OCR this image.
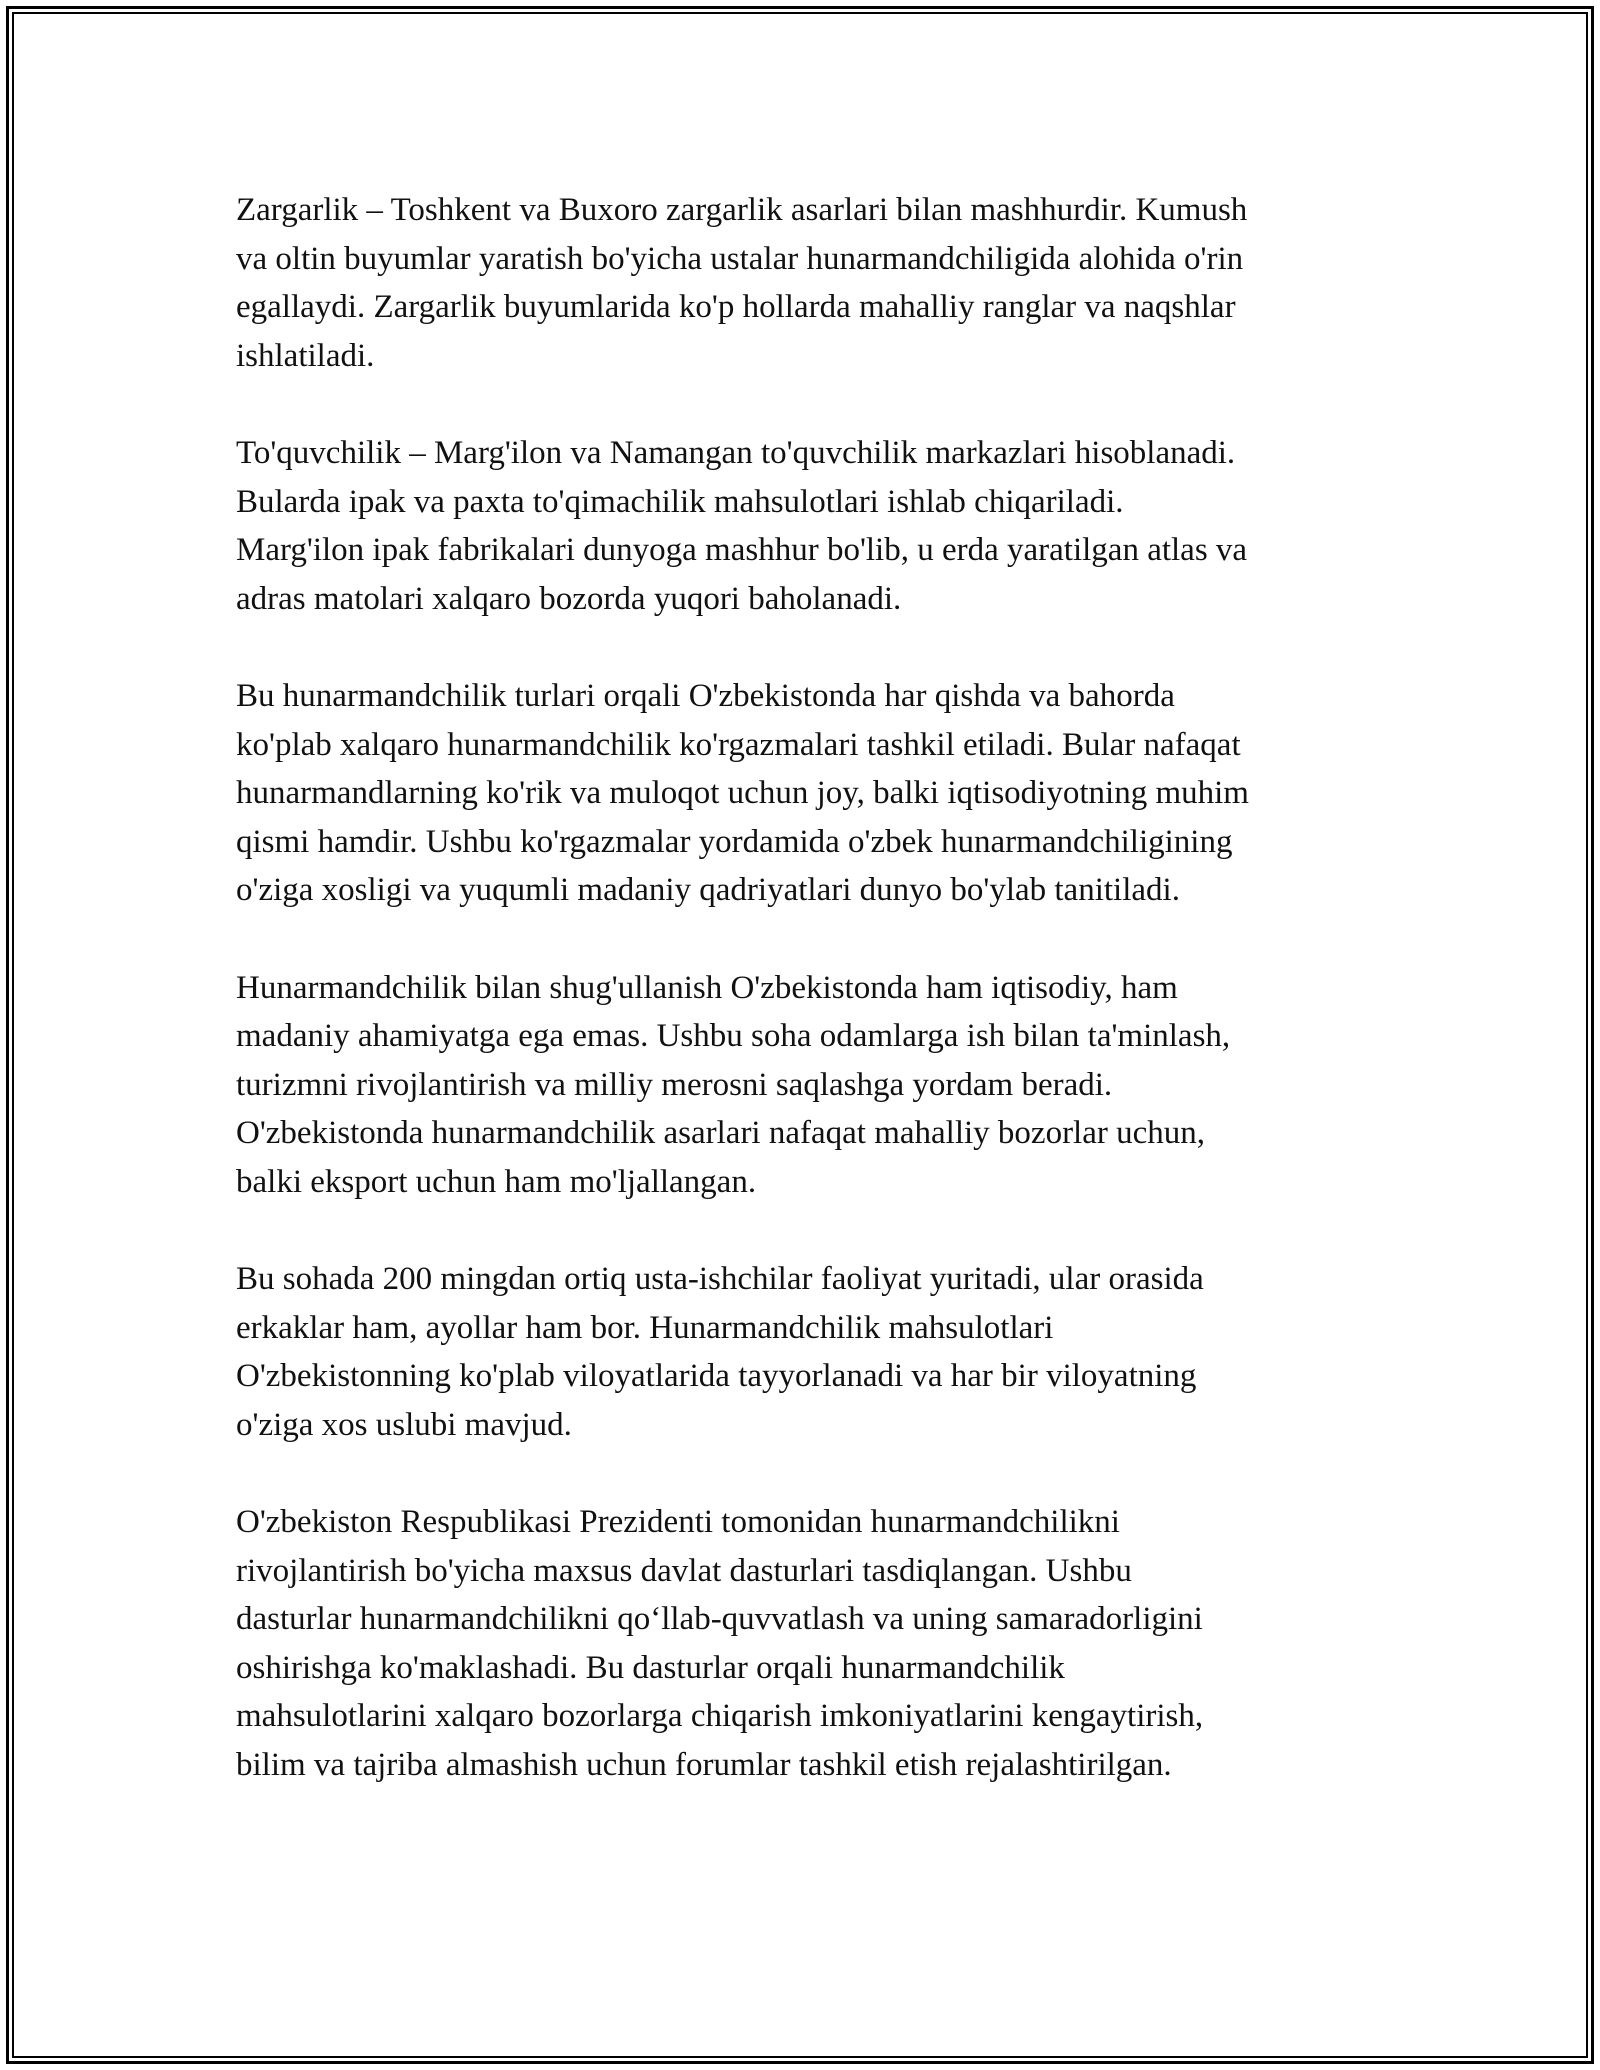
Zargarlik – Toshkent va Buxoro zargarlik asarlari bilan mashhurdir. Kumush
va oltin buyumlar yaratish bo'yicha ustalar hunarmandchiligida alohida o'rin
egallaydi. Zargarlik buyumlarida ko'p hollarda mahalliy ranglar va naqshlar
ishlatiladi.
To'quvchilik – Marg'ilon va Namangan to'quvchilik markazlari hisoblanadi.
Bularda ipak va paxta to'qimachilik mahsulotlari ishlab chiqariladi.
Marg'ilon ipak fabrikalari dunyoga mashhur bo'lib, u erda yaratilgan atlas va
adras matolari xalqaro bozorda yuqori baholanadi.
Bu hunarmandchilik turlari orqali O'zbekistonda har qishda va bahorda
ko'plab xalqaro hunarmandchilik ko'rgazmalari tashkil etiladi. Bular nafaqat
hunarmandlarning ko'rik va muloqot uchun joy, balki iqtisodiyotning muhim
qismi hamdir. Ushbu ko'rgazmalar yordamida o'zbek hunarmandchiligining
o'ziga xosligi va yuqumli madaniy qadriyatlari dunyo bo'ylab tanitiladi.
Hunarmandchilik bilan shug'ullanish O'zbekistonda ham iqtisodiy, ham
madaniy ahamiyatga ega emas. Ushbu soha odamlarga ish bilan ta'minlash,
turizmni rivojlantirish va milliy merosni saqlashga yordam beradi.
O'zbekistonda hunarmandchilik asarlari nafaqat mahalliy bozorlar uchun,
balki eksport uchun ham mo'ljallangan.
Bu sohada 200 mingdan ortiq usta-ishchilar faoliyat yuritadi, ular orasida
erkaklar ham, ayollar ham bor. Hunarmandchilik mahsulotlari
O'zbekistonning ko'plab viloyatlarida tayyorlanadi va har bir viloyatning
o'ziga xos uslubi mavjud.
O'zbekiston Respublikasi Prezidenti tomonidan hunarmandchilikni
rivojlantirish bo'yicha maxsus davlat dasturlari tasdiqlangan. Ushbu
dasturlar hunarmandchilikni qo‘llab-quvvatlash va uning samaradorligini
oshirishga ko'maklashadi. Bu dasturlar orqali hunarmandchilik
mahsulotlarini xalqaro bozorlarga chiqarish imkoniyatlarini kengaytirish,
bilim va tajriba almashish uchun forumlar tashkil etish rejalashtirilgan.
